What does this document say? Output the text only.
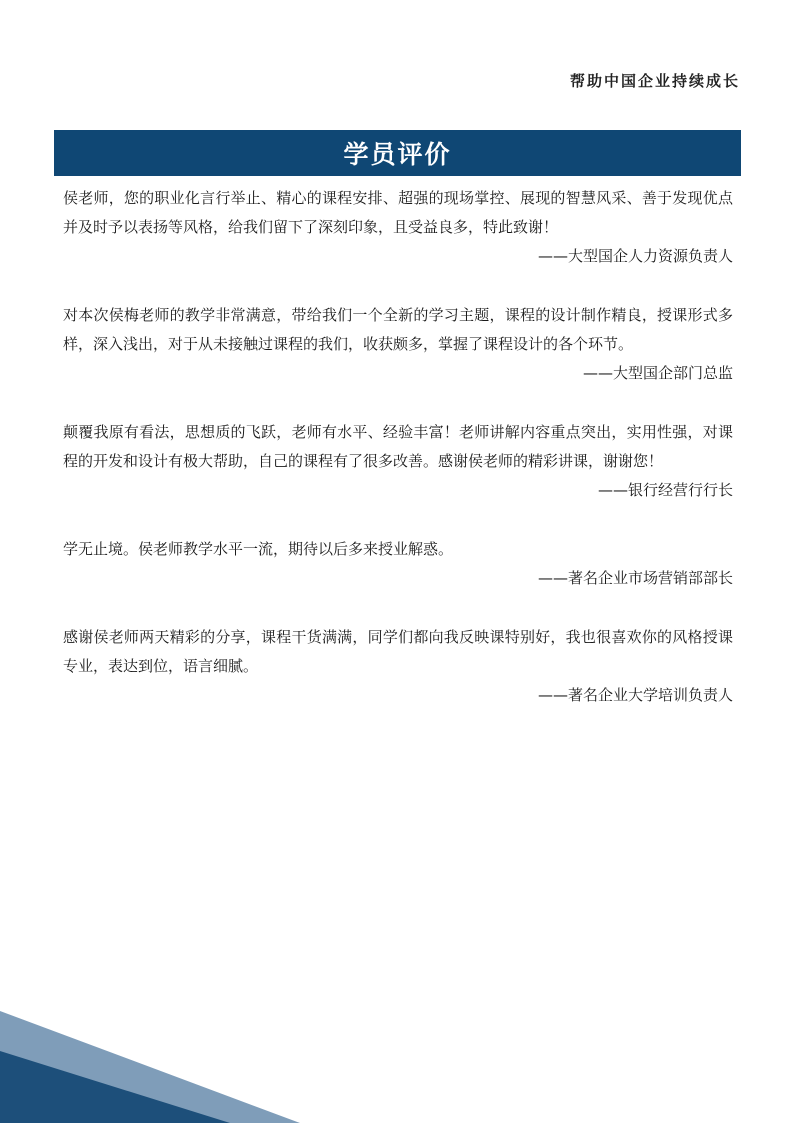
帮助中国企业持续成长
学员评价

侯老师，您的职业化言行举止、精心的课程安排、超强的现场掌控、展现的智慧风采、善于发现优点并及时予以表扬等风格，给我们留下了深刻印象，且受益良多，特此致谢！

——大型国企人力资源负责人

对本次侯梅老师的教学非常满意，带给我们一个全新的学习主题，课程的设计制作精良，授课形式多样，深入浅出，对于从未接触过课程的我们，收获颇多，掌握了课程设计的各个环节。

——大型国企部门总监

颠覆我原有看法，思想质的飞跃，老师有水平、经验丰富！老师讲解内容重点突出，实用性强，对课程的开发和设计有极大帮助，自己的课程有了很多改善。感谢侯老师的精彩讲课，谢谢您！

——银行经营行行长

学无止境。侯老师教学水平一流，期待以后多来授业解惑。

——著名企业市场营销部部长

感谢侯老师两天精彩的分享，课程干货满满，同学们都向我反映课特别好，我也很喜欢你的风格授课专业，表达到位，语言细腻。

——著名企业大学培训负责人
